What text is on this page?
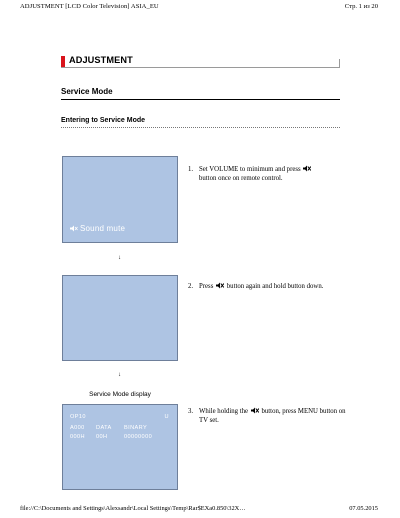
ADJUSTMENT [LCD Color Television] ASIA_EU	Стр. 1 из 20
ADJUSTMENT
Service Mode
Entering to Service Mode
Sound mute
↓
↓
Service Mode display
OP10	U
A000 DATA BINARY
000H 00H	00000000
1. Set VOLUME to minimum and press
button once on remote control.
2. Press button again and hold button down.
3. While holding the button, press MENU button on TV set.
file://C:\Documents and Settings\Alexsandr\Local Settings\Temp\Rar$EXa0.850\32X…	07.05.2015
